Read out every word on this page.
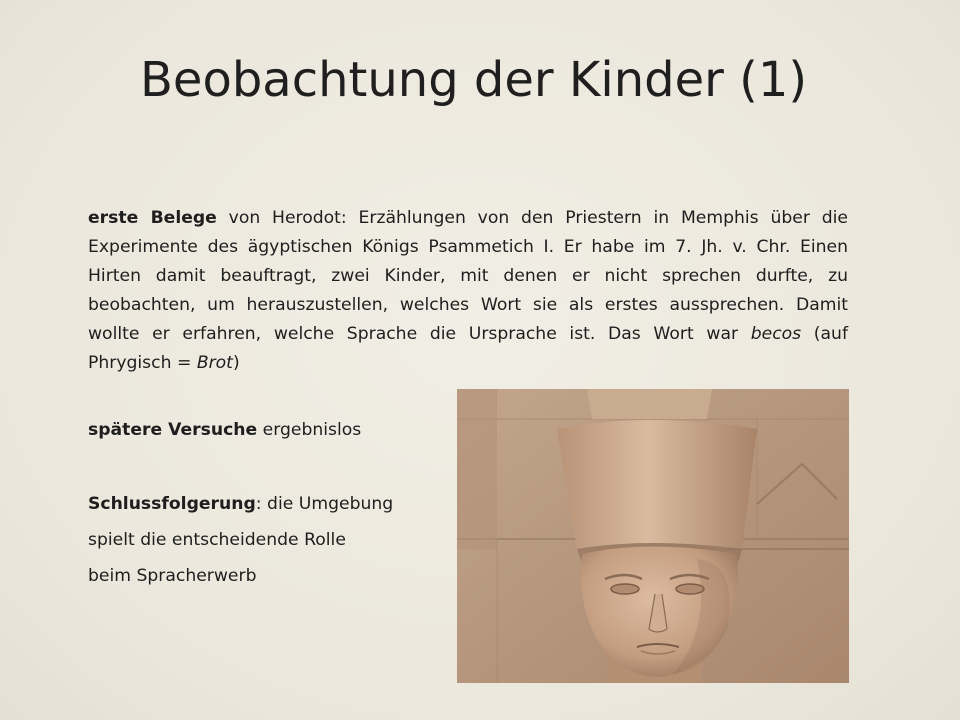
Beobachtung der Kinder (1)
erste Belege von Herodot: Erzählungen von den Priestern in Memphis über die Experimente des ägyptischen Königs Psammetich I. Er habe im 7. Jh. v. Chr. Einen Hirten damit beauftragt, zwei Kinder, mit denen er nicht sprechen durfte, zu beobachten, um herauszustellen, welches Wort sie als erstes aussprechen. Damit wollte er erfahren, welche Sprache die Ursprache ist. Das Wort war becos (auf Phrygisch = Brot)
spätere Versuche ergebnislos
Schlussfolgerung: die Umgebung
spielt die entscheidende Rolle
beim Spracherwerb
